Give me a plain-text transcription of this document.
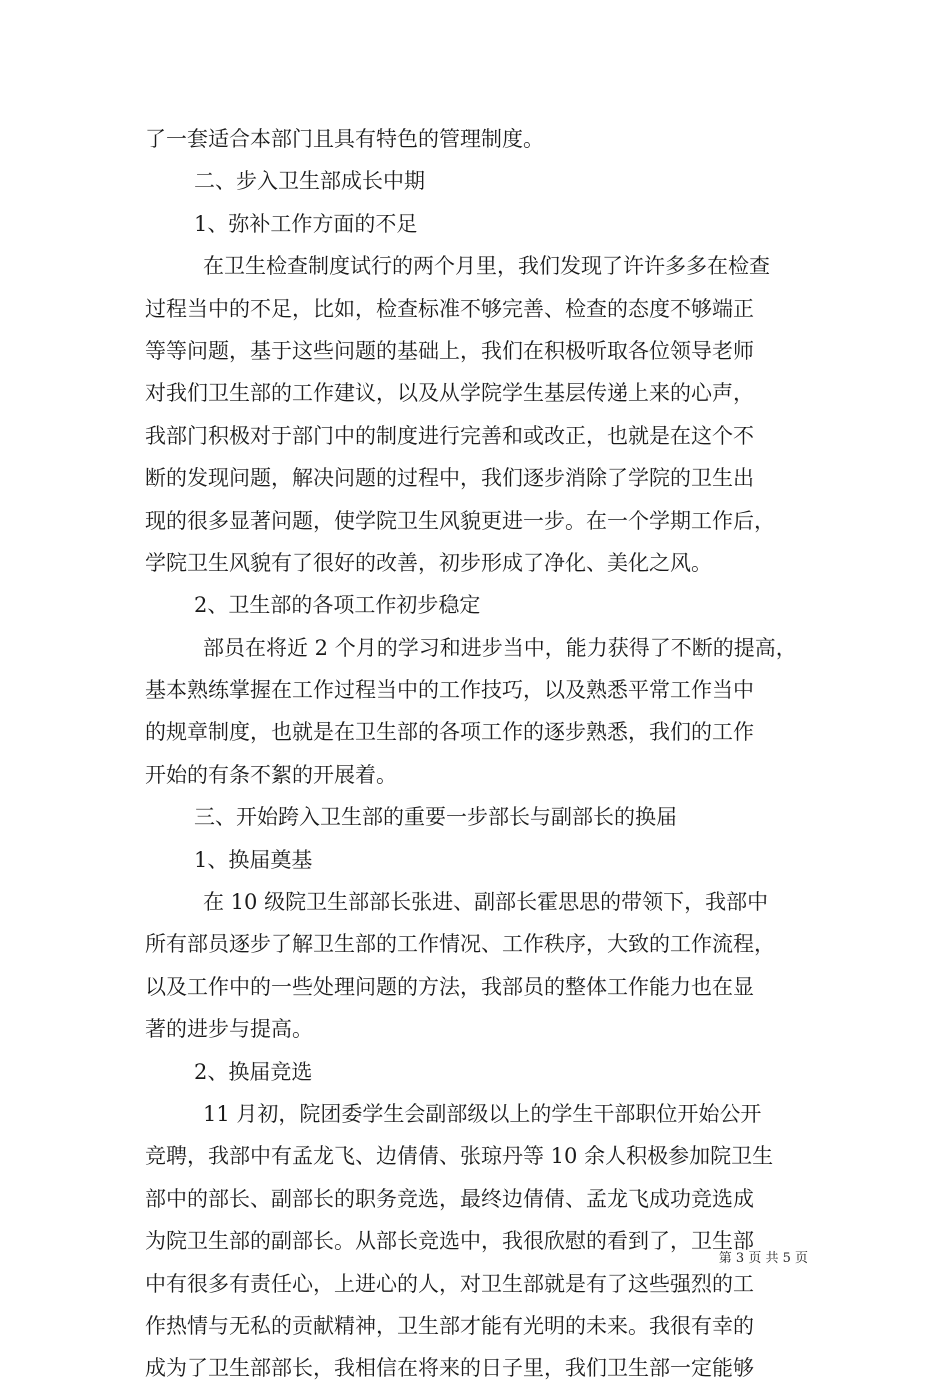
了一套适合本部门且具有特色的管理制度。
二、步入卫生部成长中期
1、弥补工作方面的不足
在卫生检查制度试行的两个月里，我们发现了许许多多在检查
过程当中的不足，比如，检查标准不够完善、检查的态度不够端正
等等问题，基于这些问题的基础上，我们在积极听取各位领导老师
对我们卫生部的工作建议，以及从学院学生基层传递上来的心声，
我部门积极对于部门中的制度进行完善和或改正，也就是在这个不
断的发现问题，解决问题的过程中，我们逐步消除了学院的卫生出
现的很多显著问题，使学院卫生风貌更进一步。在一个学期工作后，
学院卫生风貌有了很好的改善，初步形成了净化、美化之风。
2、卫生部的各项工作初步稳定
部员在将近 2 个月的学习和进步当中，能力获得了不断的提高，
基本熟练掌握在工作过程当中的工作技巧，以及熟悉平常工作当中
的规章制度，也就是在卫生部的各项工作的逐步熟悉，我们的工作
开始的有条不絮的开展着。
三、开始跨入卫生部的重要一步部长与副部长的换届
1、换届奠基
在 10 级院卫生部部长张进、副部长霍思思的带领下，我部中
所有部员逐步了解卫生部的工作情况、工作秩序，大致的工作流程，
以及工作中的一些处理问题的方法，我部员的整体工作能力也在显
著的进步与提高。
2、换届竞选
11 月初，院团委学生会副部级以上的学生干部职位开始公开
竞聘，我部中有孟龙飞、边倩倩、张琼丹等 10 余人积极参加院卫生
部中的部长、副部长的职务竞选，最终边倩倩、孟龙飞成功竞选成
为院卫生部的副部长。从部长竞选中，我很欣慰的看到了，卫生部
中有很多有责任心，上进心的人，对卫生部就是有了这些强烈的工
作热情与无私的贡献精神，卫生部才能有光明的未来。我很有幸的
成为了卫生部部长，我相信在将来的日子里，我们卫生部一定能够
第 3 页 共 5 页
